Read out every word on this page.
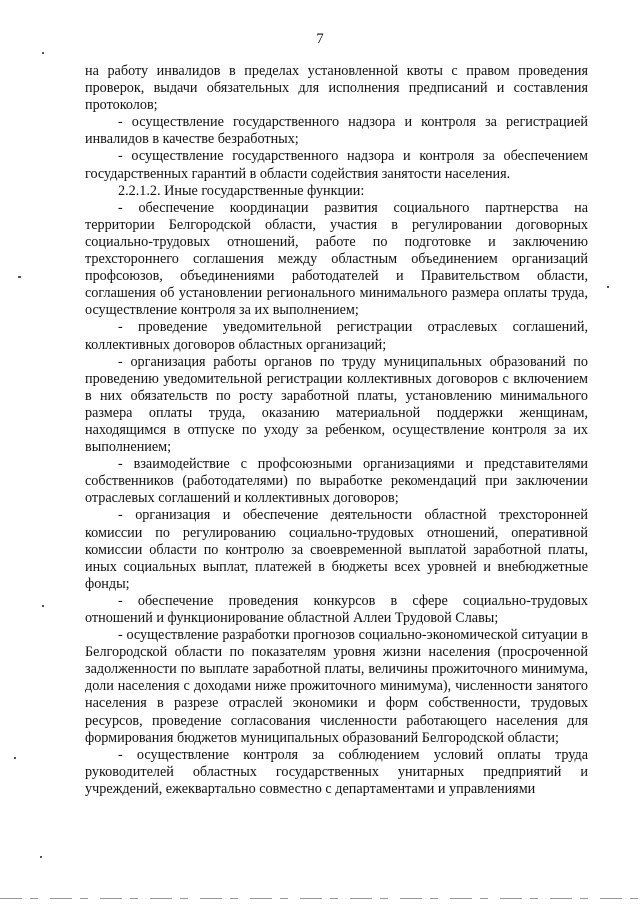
7

на работу инвалидов в пределах установленной квоты с правом проведения проверок, выдачи обязательных для исполнения предписаний и составления протоколов;

- осуществление государственного надзора и контроля за регистрацией инвалидов в качестве безработных;

- осуществление государственного надзора и контроля за обеспечением государственных гарантий в области содействия занятости населения.

2.2.1.2. Иные государственные функции:

- обеспечение координации развития социального партнерства на территории Белгородской области, участия в регулировании договорных социально-трудовых отношений, работе по подготовке и заключению трехстороннего соглашения между областным объединением организаций профсоюзов, объединениями работодателей и Правительством области, соглашения об установлении регионального минимального размера оплаты труда, осуществление контроля за их выполнением;

- проведение уведомительной регистрации отраслевых соглашений, коллективных договоров областных организаций;

- организация работы органов по труду муниципальных образований по проведению уведомительной регистрации коллективных договоров с включением в них обязательств по росту заработной платы, установлению минимального размера оплаты труда, оказанию материальной поддержки женщинам, находящимся в отпуске по уходу за ребенком, осуществление контроля за их выполнением;

- взаимодействие с профсоюзными организациями и представителями собственников (работодателями) по выработке рекомендаций при заключении отраслевых соглашений и коллективных договоров;

- организация и обеспечение деятельности областной трехсторонней комиссии по регулированию социально-трудовых отношений, оперативной комиссии области по контролю за своевременной выплатой заработной платы, иных социальных выплат, платежей в бюджеты всех уровней и внебюджетные фонды;

- обеспечение проведения конкурсов в сфере социально-трудовых отношений и функционирование областной Аллеи Трудовой Славы;

- осуществление разработки прогнозов социально-экономической ситуации в Белгородской области по показателям уровня жизни населения (просроченной задолженности по выплате заработной платы, величины прожиточного минимума, доли населения с доходами ниже прожиточного минимума), численности занятого населения в разрезе отраслей экономики и форм собственности, трудовых ресурсов, проведение согласования численности работающего населения для формирования бюджетов муниципальных образований Белгородской области;

- осуществление контроля за соблюдением условий оплаты труда руководителей областных государственных унитарных предприятий и учреждений, ежеквартально совместно с департаментами и управлениями
